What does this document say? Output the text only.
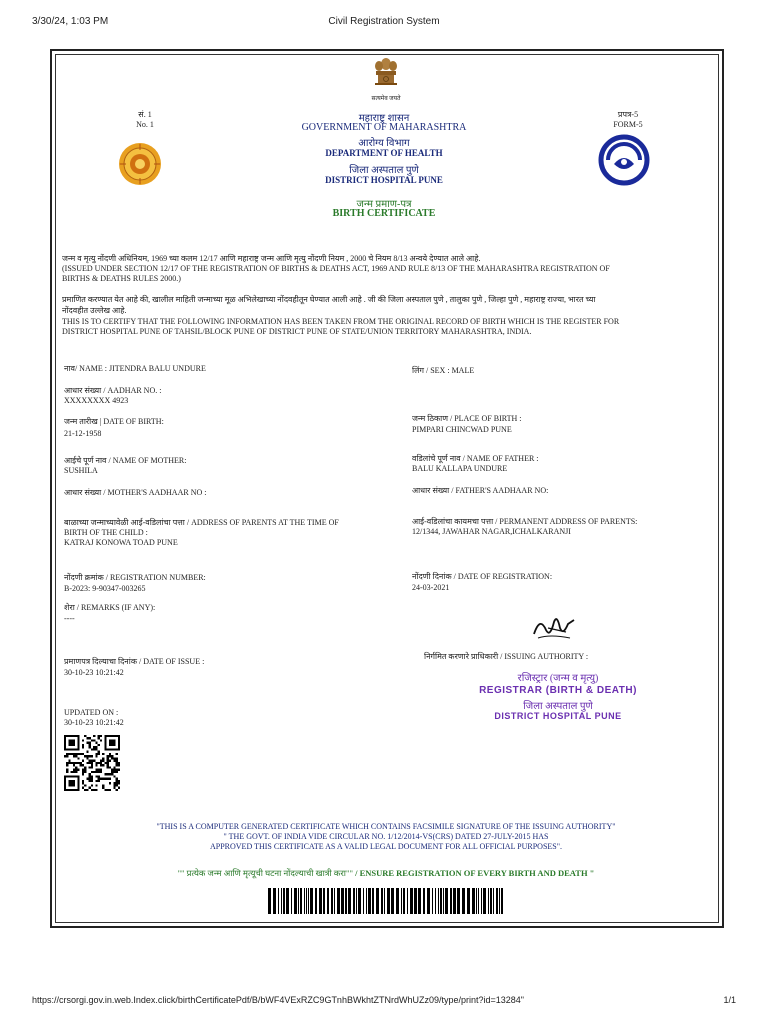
3/30/24, 1:03 PM	Civil Registration System
सत्यमेव जयते
सं. 1
No. 1
प्रपत्र-5
FORM-5
महाराष्ट्र शासन
GOVERNMENT OF MAHARASHTRA
आरोग्य विभाग
DEPARTMENT OF HEALTH
जिला अस्पताल पुणे
DISTRICT HOSPITAL PUNE
जन्म प्रमाण-पत्र
BIRTH CERTIFICATE
जन्म व मृत्यु नोंदणी अधिनियम, 1969 च्या कलम 12/17 आणि महाराष्ट्र जन्म आणि मृत्यु नोंदणी नियम , 2000 चे नियम 8/13 अन्वये देण्यात आले आहे.
(ISSUED UNDER SECTION 12/17 OF THE REGISTRATION OF BIRTHS & DEATHS ACT, 1969 AND RULE 8/13 OF THE MAHARASHTRA REGISTRATION OF
BIRTHS & DEATHS RULES 2000.)
प्रमाणित करण्यात येत आहे की, खालील माहिती जन्माच्या मूळ अभिलेखाच्या नोंदवहीतून घेण्यात आली आहे . जी की जिला अस्पताल पुणे , तालुका पुणे , जिल्हा पुणे , महाराष्ट्र राज्या, भारत च्या
नोंदवहीत उल्लेख आहे.
THIS IS TO CERTIFY THAT THE FOLLOWING INFORMATION HAS BEEN TAKEN FROM THE ORIGINAL RECORD OF BIRTH WHICH IS THE REGISTER FOR
DISTRICT HOSPITAL PUNE OF TAHSIL/BLOCK PUNE OF DISTRICT PUNE OF STATE/UNION TERRITORY MAHARASHTRA, INDIA.
नाव/ NAME : JITENDRA BALU UNDURE	लिंग / SEX : MALE
आधार संख्या / AADHAR NO. :
XXXXXXXX 4923
जन्म तारीख | DATE OF BIRTH:
21-12-1958
जन्म ठिकाण / PLACE OF BIRTH :
PIMPARI CHINCWAD PUNE
आईचे पूर्ण नाव / NAME OF MOTHER:
SUSHILA
वडिलांचे पूर्ण नाव / NAME OF FATHER :
BALU KALLAPA UNDURE
आधार संख्या / MOTHER'S AADHAAR NO :	आधार संख्या / FATHER'S AADHAAR NO:
बाळाच्या जन्माच्यावेळी आई-वडिलांचा पत्ता / ADDRESS OF PARENTS AT THE TIME OF
BIRTH OF THE CHILD :
KATRAJ KONOWA TOAD PUNE
आई-वडिलांचा कायमचा पत्ता / PERMANENT ADDRESS OF PARENTS:
12/1344, JAWAHAR NAGAR,ICHALKARANJI
नोंदणी क्रमांक / REGISTRATION NUMBER:
B-2023: 9-90347-003265
नोंदणी दिनांक / DATE OF REGISTRATION:
24-03-2021
शेरा / REMARKS (IF ANY):
----
प्रमाणपत्र दिल्याचा दिनांक / DATE OF ISSUE :
30-10-23 10:21:42
निर्गमित करणारे प्राधिकारी / ISSUING AUTHORITY :
रजिस्ट्रार (जन्म व मृत्यु)
REGISTRAR (BIRTH & DEATH)
जिला अस्पताल पुणे
DISTRICT HOSPITAL PUNE
UPDATED ON :
30-10-23 10:21:42
"THIS IS A COMPUTER GENERATED CERTIFICATE WHICH CONTAINS FACSIMILE SIGNATURE OF THE ISSUING AUTHORITY"
" THE GOVT. OF INDIA VIDE CIRCULAR NO. 1/12/2014-VS(CRS) DATED 27-JULY-2015 HAS
APPROVED THIS CERTIFICATE AS A VALID LEGAL DOCUMENT FOR ALL OFFICIAL PURPOSES".
"" प्रत्येक जन्म आणि मृत्यूची घटना नोंदल्याची खात्री करा"" / ENSURE REGISTRATION OF EVERY BIRTH AND DEATH "
https://crsorgi.gov.in.web.Index.click/birthCertificatePdf/B/bWF4VExRZC9GTnhBWkhtZTNrdWhUZz09/type/print?id=13284"	1/1
